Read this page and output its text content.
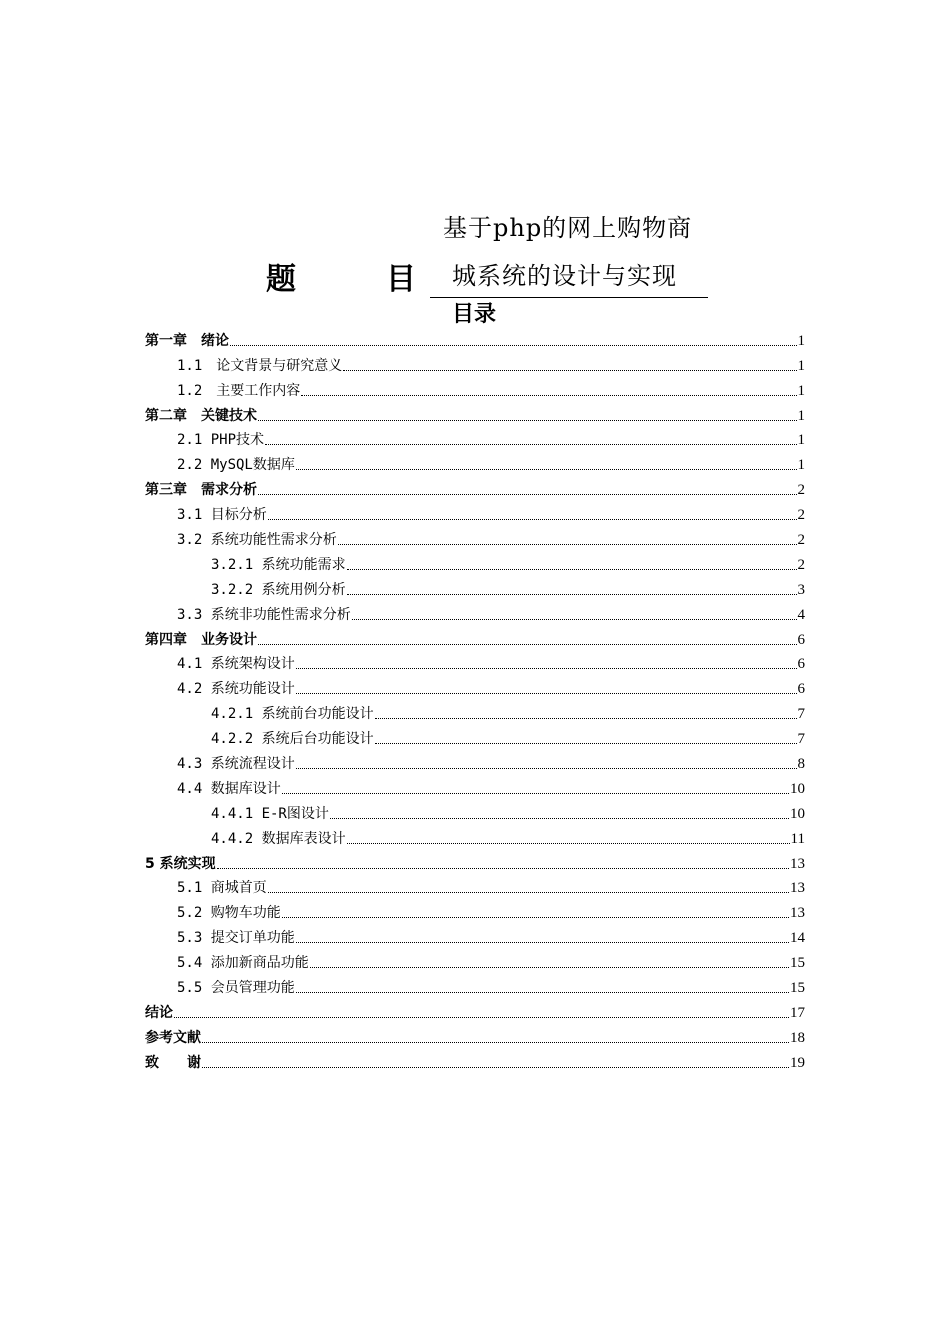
题　　　目
基于php的网上购物商
城系统的设计与实现
目录
第一章　绪论	1
1.1　论文背景与研究意义	1
1.2　主要工作内容	1
第二章　关键技术	1
2.1 PHP技术	1
2.2 MySQL数据库	1
第三章　需求分析	2
3.1 目标分析	2
3.2 系统功能性需求分析	2
3.2.1 系统功能需求	2
3.2.2 系统用例分析	3
3.3 系统非功能性需求分析	4
第四章　业务设计	6
4.1 系统架构设计	6
4.2 系统功能设计	6
4.2.1 系统前台功能设计	7
4.2.2 系统后台功能设计	7
4.3 系统流程设计	8
4.4 数据库设计	10
4.4.1 E-R图设计	10
4.4.2 数据库表设计	11
5 系统实现	13
5.1 商城首页	13
5.2 购物车功能	13
5.3 提交订单功能	14
5.4 添加新商品功能	15
5.5 会员管理功能	15
结论	17
参考文献	18
致　　谢	19
